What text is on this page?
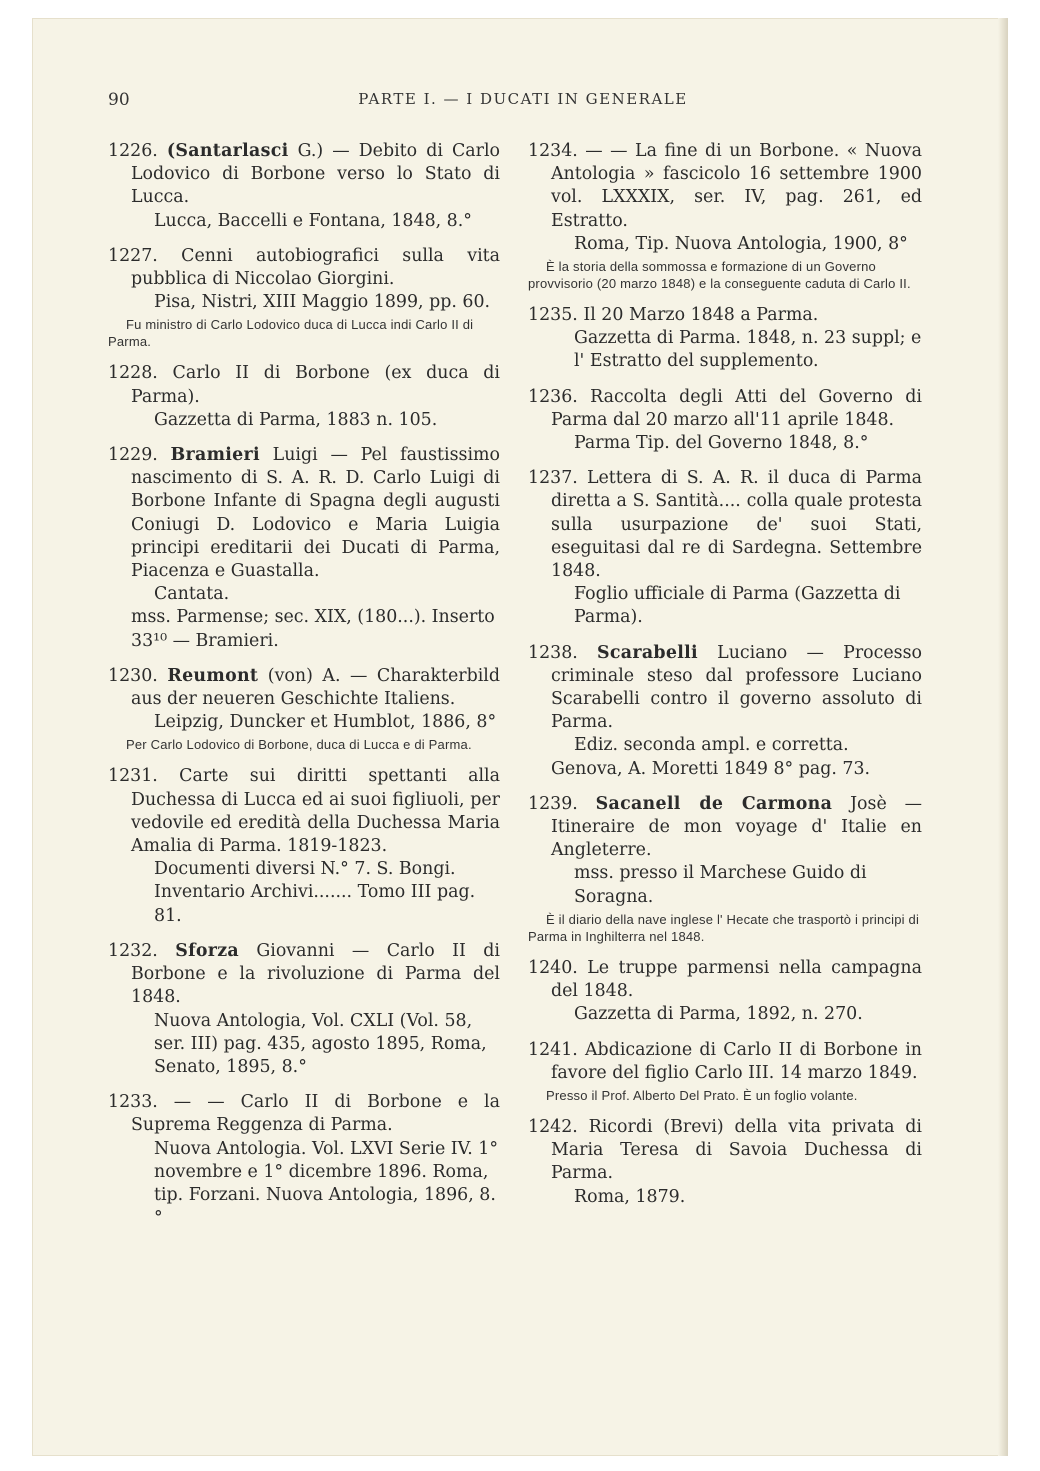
90	PARTE I. — I DUCATI IN GENERALE

1226. (Santarlasci G.) — Debito di Carlo Lodovico di Borbone verso lo Stato di Lucca.

Lucca, Baccelli e Fontana, 1848, 8.°

1227. Cenni autobiografici sulla vita pubblica di Niccolao Giorgini.

Pisa, Nistri, XIII Maggio 1899, pp. 60.

Fu ministro di Carlo Lodovico duca di Lucca indi Carlo II di Parma.

1228. Carlo II di Borbone (ex duca di Parma).

Gazzetta di Parma, 1883 n. 105.

1229. Bramieri Luigi — Pel faustissimo nascimento di S. A. R. D. Carlo Luigi di Borbone Infante di Spagna degli augusti Coniugi D. Lodovico e Maria Luigia principi ereditarii dei Ducati di Parma, Piacenza e Guastalla.

Cantata.

mss. Parmense; sec. XIX, (180...). Inserto 33¹⁰ — Bramieri.

1230. Reumont (von) A. — Charakterbild aus der neueren Geschichte Italiens.

Leipzig, Duncker et Humblot, 1886, 8°

Per Carlo Lodovico di Borbone, duca di Lucca e di Parma.

1231. Carte sui diritti spettanti alla Duchessa di Lucca ed ai suoi figliuoli, per vedovile ed eredità della Duchessa Maria Amalia di Parma. 1819-1823.

Documenti diversi N.° 7. S. Bongi. Inventario Archivi....... Tomo III pag. 81.

1232. Sforza Giovanni — Carlo II di Borbone e la rivoluzione di Parma del 1848.

Nuova Antologia, Vol. CXLI (Vol. 58, ser. III) pag. 435, agosto 1895, Roma, Senato, 1895, 8.°

1233. — — Carlo II di Borbone e la Suprema Reggenza di Parma.

Nuova Antologia. Vol. LXVI Serie IV. 1° novembre e 1° dicembre 1896. Roma, tip. Forzani. Nuova Antologia, 1896, 8.°

1234. — — La fine di un Borbone. « Nuova Antologia » fascicolo 16 settembre 1900 vol. LXXXIX, ser. IV, pag. 261, ed Estratto.

Roma, Tip. Nuova Antologia, 1900, 8°

È la storia della sommossa e formazione di un Governo provvisorio (20 marzo 1848) e la conseguente caduta di Carlo II.

1235. Il 20 Marzo 1848 a Parma.

Gazzetta di Parma. 1848, n. 23 suppl; e l' Estratto del supplemento.

1236. Raccolta degli Atti del Governo di Parma dal 20 marzo all'11 aprile 1848.

Parma Tip. del Governo 1848, 8.°

1237. Lettera di S. A. R. il duca di Parma diretta a S. Santità.... colla quale protesta sulla usurpazione de' suoi Stati, eseguitasi dal re di Sardegna. Settembre 1848.

Foglio ufficiale di Parma (Gazzetta di Parma).

1238. Scarabelli Luciano — Processo criminale steso dal professore Luciano Scarabelli contro il governo assoluto di Parma.

Ediz. seconda ampl. e corretta.

Genova, A. Moretti 1849 8° pag. 73.

1239. Sacanell de Carmona Josè — Itineraire de mon voyage d' Italie en Angleterre.

mss. presso il Marchese Guido di Soragna.

È il diario della nave inglese l' Hecate che trasportò i principi di Parma in Inghilterra nel 1848.

1240. Le truppe parmensi nella campagna del 1848.

Gazzetta di Parma, 1892, n. 270.

1241. Abdicazione di Carlo II di Borbone in favore del figlio Carlo III. 14 marzo 1849.

Presso il Prof. Alberto Del Prato. È un foglio volante.

1242. Ricordi (Brevi) della vita privata di Maria Teresa di Savoia Duchessa di Parma.

Roma, 1879.
